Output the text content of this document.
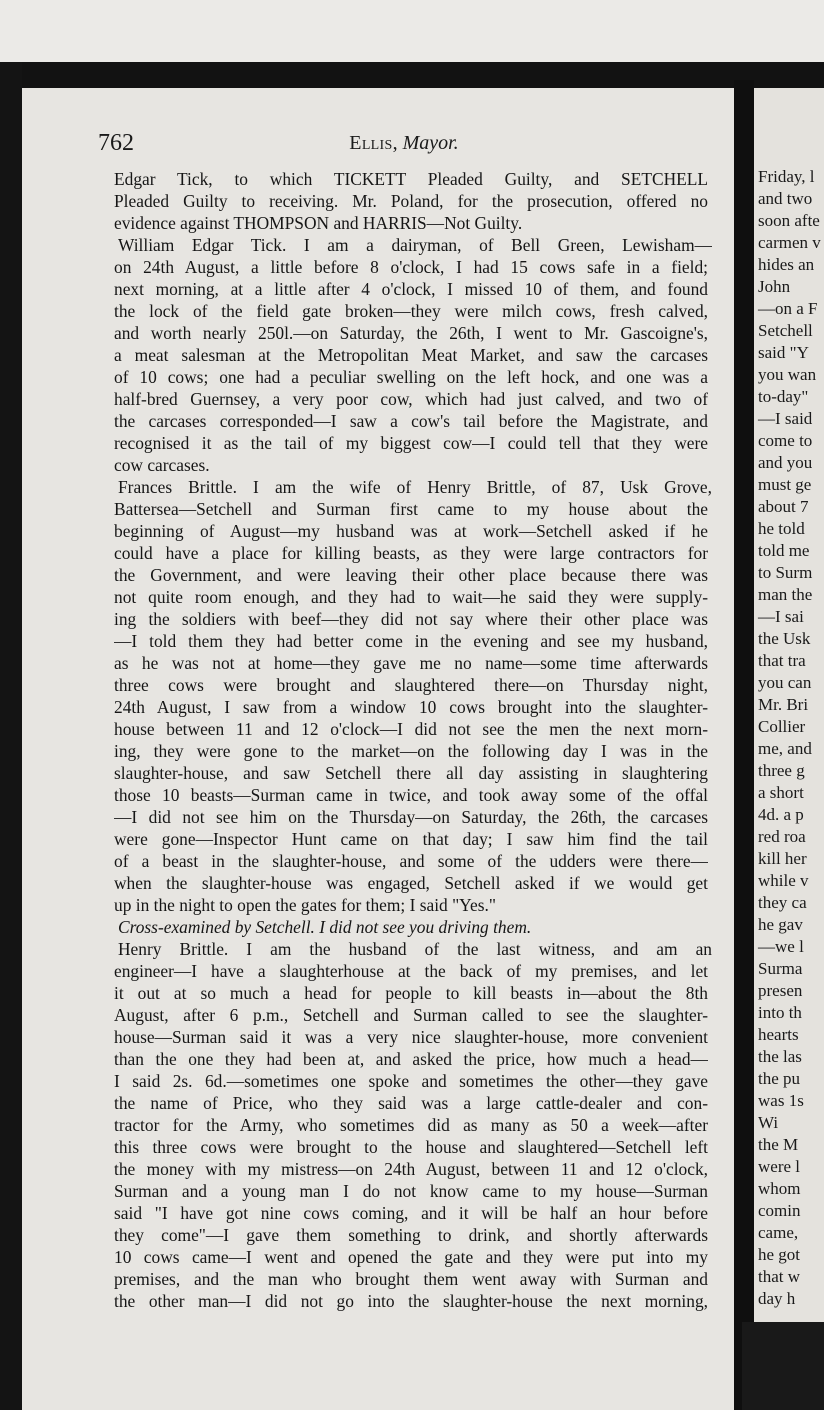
Friday, l
and two
soon afte
carmen v
hides an
John
—on a F
Setchell
said "Y
you wan
to-day"
—I said
come to
and you
must ge
about 7
he told
told me
to Surm
man the
—I sai
the Usk
that tra
you can
Mr. Bri
Collier
me, and
three g
a short
4d. a p
red roa
kill her
while v
they ca
he gav
—we l
Surma
presen
into th
hearts
the las
the pu
was 1s
Wi
the M
were l
whom
comin
came,
he got
that w
day h
762	Ellis, Mayor.
Edgar Tick, to which TICKETT Pleaded Guilty, and SETCHELL
Pleaded Guilty to receiving. Mr. Poland, for the prosecution, offered no
evidence against THOMPSON and HARRIS—Not Guilty.
William Edgar Tick. I am a dairyman, of Bell Green, Lewisham—
on 24th August, a little before 8 o'clock, I had 15 cows safe in a field;
next morning, at a little after 4 o'clock, I missed 10 of them, and found
the lock of the field gate broken—they were milch cows, fresh calved,
and worth nearly 250l.—on Saturday, the 26th, I went to Mr. Gascoigne's,
a meat salesman at the Metropolitan Meat Market, and saw the carcases
of 10 cows; one had a peculiar swelling on the left hock, and one was a
half-bred Guernsey, a very poor cow, which had just calved, and two of
the carcases corresponded—I saw a cow's tail before the Magistrate, and
recognised it as the tail of my biggest cow—I could tell that they were
cow carcases.
Frances Brittle. I am the wife of Henry Brittle, of 87, Usk Grove,
Battersea—Setchell and Surman first came to my house about the
beginning of August—my husband was at work—Setchell asked if he
could have a place for killing beasts, as they were large contractors for
the Government, and were leaving their other place because there was
not quite room enough, and they had to wait—he said they were supply-
ing the soldiers with beef—they did not say where their other place was
—I told them they had better come in the evening and see my husband,
as he was not at home—they gave me no name—some time afterwards
three cows were brought and slaughtered there—on Thursday night,
24th August, I saw from a window 10 cows brought into the slaughter-
house between 11 and 12 o'clock—I did not see the men the next morn-
ing, they were gone to the market—on the following day I was in the
slaughter-house, and saw Setchell there all day assisting in slaughtering
those 10 beasts—Surman came in twice, and took away some of the offal
—I did not see him on the Thursday—on Saturday, the 26th, the carcases
were gone—Inspector Hunt came on that day; I saw him find the tail
of a beast in the slaughter-house, and some of the udders were there—
when the slaughter-house was engaged, Setchell asked if we would get
up in the night to open the gates for them; I said "Yes."
Cross-examined by Setchell. I did not see you driving them.
Henry Brittle. I am the husband of the last witness, and am an
engineer—I have a slaughterhouse at the back of my premises, and let
it out at so much a head for people to kill beasts in—about the 8th
August, after 6 p.m., Setchell and Surman called to see the slaughter-
house—Surman said it was a very nice slaughter-house, more convenient
than the one they had been at, and asked the price, how much a head—
I said 2s. 6d.—sometimes one spoke and sometimes the other—they gave
the name of Price, who they said was a large cattle-dealer and con-
tractor for the Army, who sometimes did as many as 50 a week—after
this three cows were brought to the house and slaughtered—Setchell left
the money with my mistress—on 24th August, between 11 and 12 o'clock,
Surman and a young man I do not know came to my house—Surman
said "I have got nine cows coming, and it will be half an hour before
they come"—I gave them something to drink, and shortly afterwards
10 cows came—I went and opened the gate and they were put into my
premises, and the man who brought them went away with Surman and
the other man—I did not go into the slaughter-house the next morning,
